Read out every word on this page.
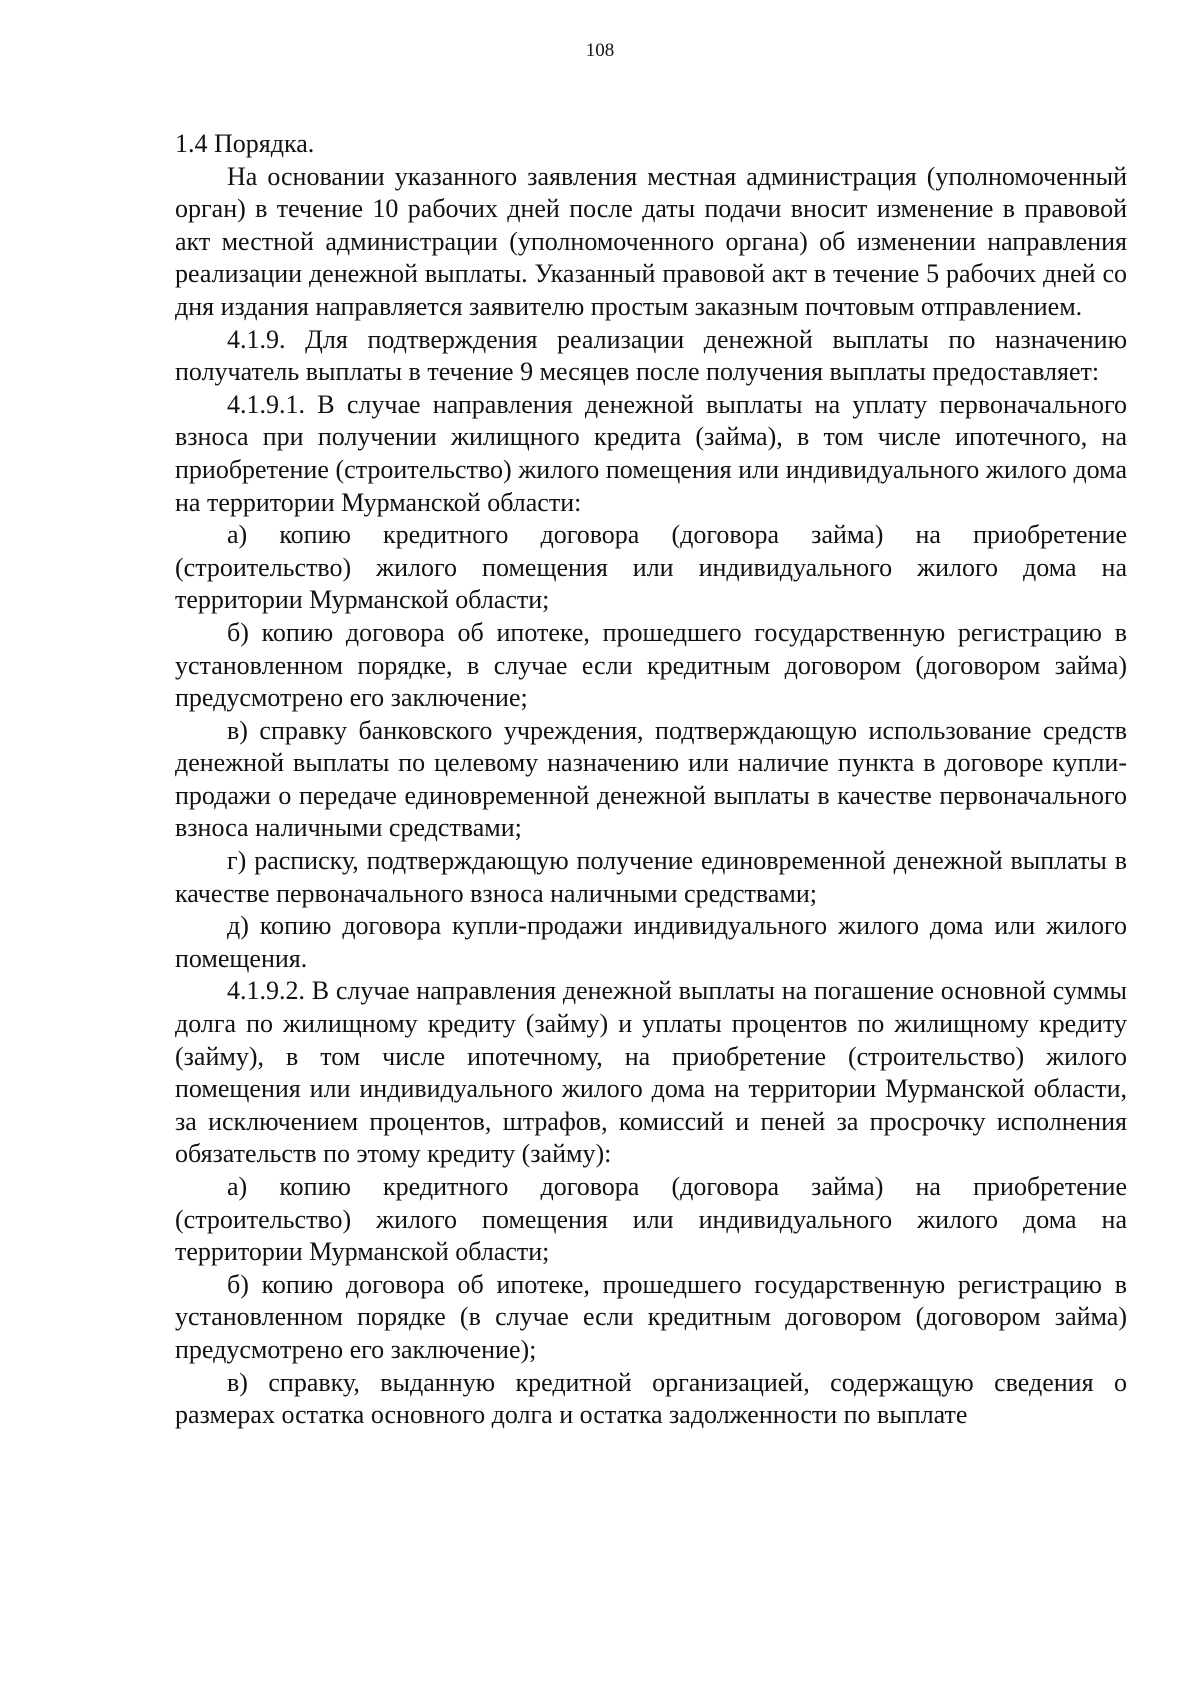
108

1.4 Порядка.

На основании указанного заявления местная администрация (уполномоченный орган) в течение 10 рабочих дней после даты подачи вносит изменение в правовой акт местной администрации (уполномоченного органа) об изменении направления реализации денежной выплаты. Указанный правовой акт в течение 5 рабочих дней со дня издания направляется заявителю простым заказным почтовым отправлением.

4.1.9. Для подтверждения реализации денежной выплаты по назначению получатель выплаты в течение 9 месяцев после получения выплаты предоставляет:

4.1.9.1. В случае направления денежной выплаты на уплату первоначального взноса при получении жилищного кредита (займа), в том числе ипотечного, на приобретение (строительство) жилого помещения или индивидуального жилого дома на территории Мурманской области:

а) копию кредитного договора (договора займа) на приобретение (строительство) жилого помещения или индивидуального жилого дома на территории Мурманской области;

б) копию договора об ипотеке, прошедшего государственную регистрацию в установленном порядке, в случае если кредитным договором (договором займа) предусмотрено его заключение;

в) справку банковского учреждения, подтверждающую использование средств денежной выплаты по целевому назначению или наличие пункта в договоре купли-продажи о передаче единовременной денежной выплаты в качестве первоначального взноса наличными средствами;

г) расписку, подтверждающую получение единовременной денежной выплаты в качестве первоначального взноса наличными средствами;

д) копию договора купли-продажи индивидуального жилого дома или жилого помещения.

4.1.9.2. В случае направления денежной выплаты на погашение основной суммы долга по жилищному кредиту (займу) и уплаты процентов по жилищному кредиту (займу), в том числе ипотечному, на приобретение (строительство) жилого помещения или индивидуального жилого дома на территории Мурманской области, за исключением процентов, штрафов, комиссий и пеней за просрочку исполнения обязательств по этому кредиту (займу):

а) копию кредитного договора (договора займа) на приобретение (строительство) жилого помещения или индивидуального жилого дома на территории Мурманской области;

б) копию договора об ипотеке, прошедшего государственную регистрацию в установленном порядке (в случае если кредитным договором (договором займа) предусмотрено его заключение);

в) справку, выданную кредитной организацией, содержащую сведения о размерах остатка основного долга и остатка задолженности по выплате
